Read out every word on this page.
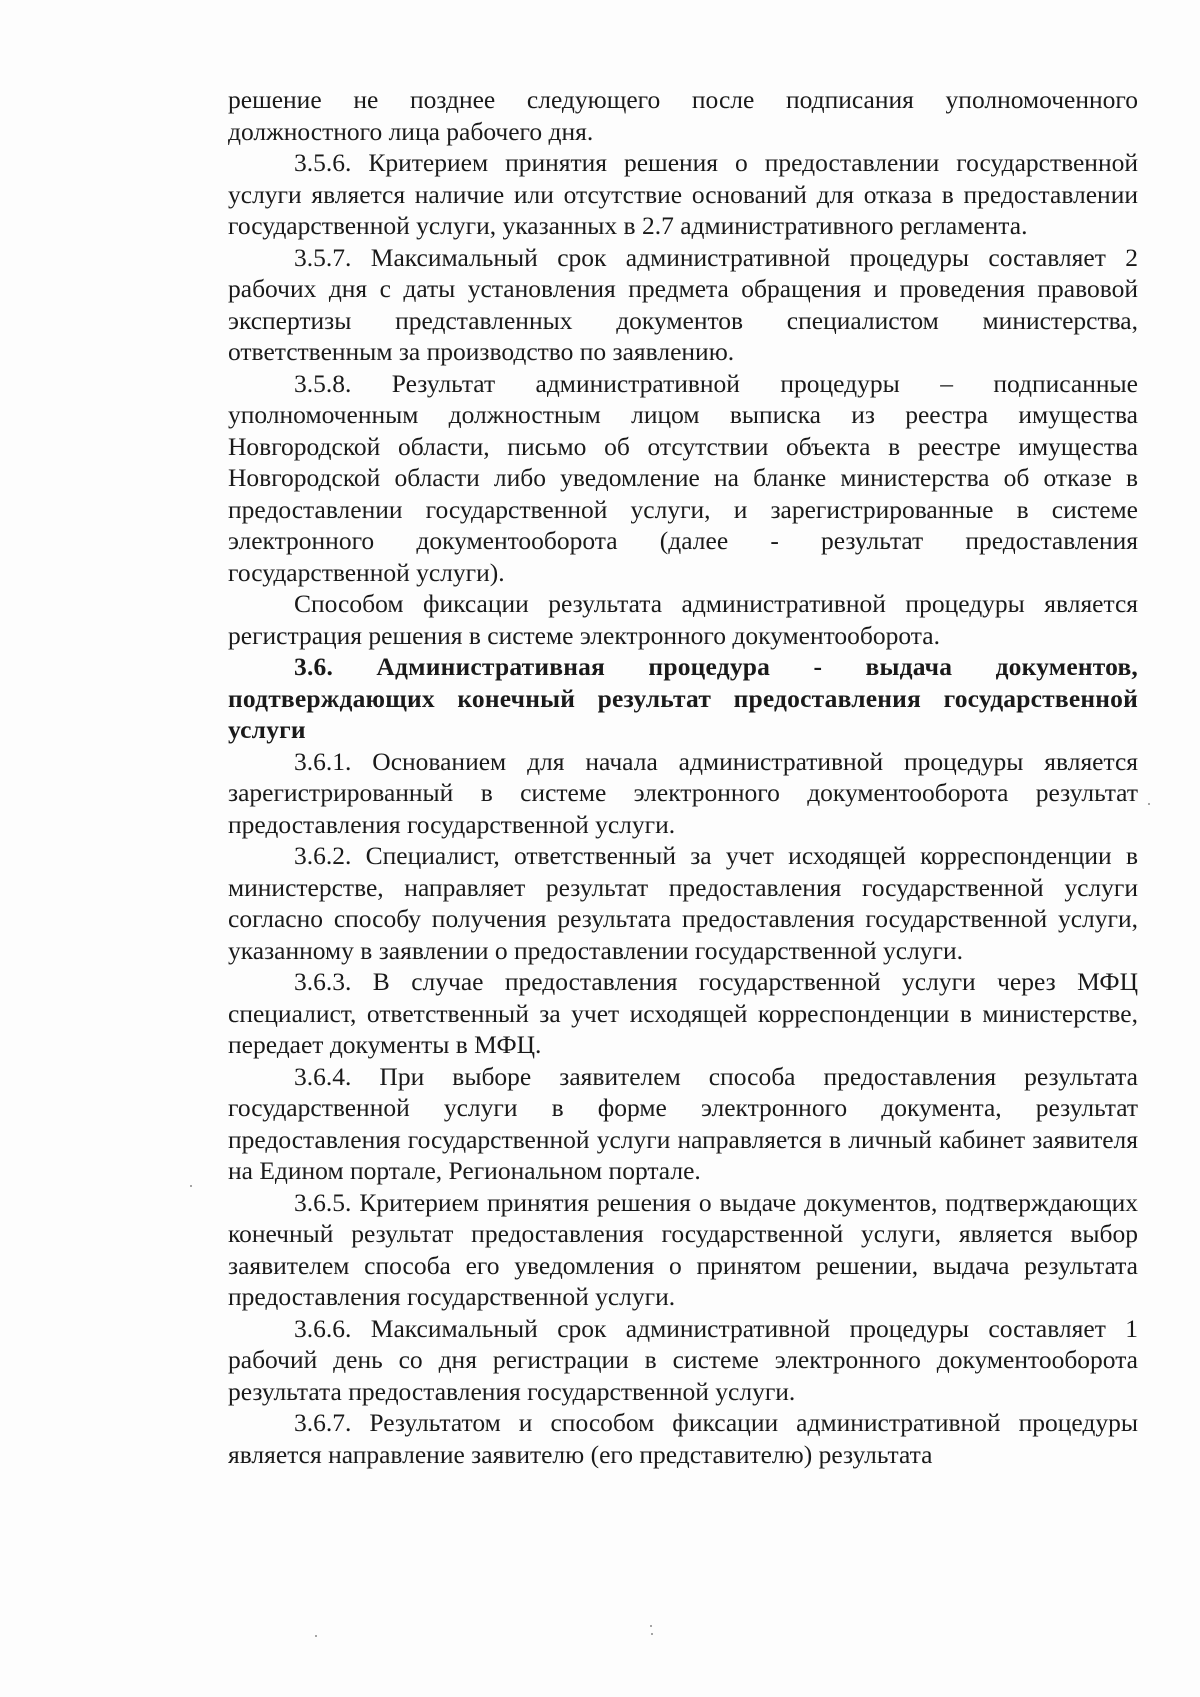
решение не позднее следующего после подписания уполномоченного должностного лица рабочего дня.

3.5.6. Критерием принятия решения о предоставлении государственной услуги является наличие или отсутствие оснований для отказа в предоставлении государственной услуги, указанных в 2.7 административного регламента.

3.5.7. Максимальный срок административной процедуры составляет 2 рабочих дня с даты установления предмета обращения и проведения правовой экспертизы представленных документов специалистом министерства, ответственным за производство по заявлению.

3.5.8. Результат административной процедуры – подписанные уполномоченным должностным лицом выписка из реестра имущества Новгородской области, письмо об отсутствии объекта в реестре имущества Новгородской области либо уведомление на бланке министерства об отказе в предоставлении государственной услуги, и зарегистрированные в системе электронного документооборота (далее - результат предоставления государственной услуги).

Способом фиксации результата административной процедуры является регистрация решения в системе электронного документооборота.

3.6. Административная процедура - выдача документов, подтверждающих конечный результат предоставления государственной услуги

3.6.1. Основанием для начала административной процедуры является зарегистрированный в системе электронного документооборота результат предоставления государственной услуги.

3.6.2. Специалист, ответственный за учет исходящей корреспонденции в министерстве, направляет результат предоставления государственной услуги согласно способу получения результата предоставления государственной услуги, указанному в заявлении о предоставлении государственной услуги.

3.6.3. В случае предоставления государственной услуги через МФЦ специалист, ответственный за учет исходящей корреспонденции в министерстве, передает документы в МФЦ.

3.6.4. При выборе заявителем способа предоставления результата государственной услуги в форме электронного документа, результат предоставления государственной услуги направляется в личный кабинет заявителя на Едином портале, Региональном портале.

3.6.5. Критерием принятия решения о выдаче документов, подтверждающих конечный результат предоставления государственной услуги, является выбор заявителем способа его уведомления о принятом решении, выдача результата предоставления государственной услуги.

3.6.6. Максимальный срок административной процедуры составляет 1 рабочий день со дня регистрации в системе электронного документооборота результата предоставления государственной услуги.

3.6.7. Результатом и способом фиксации административной процедуры является направление заявителю (его представителю) результата
